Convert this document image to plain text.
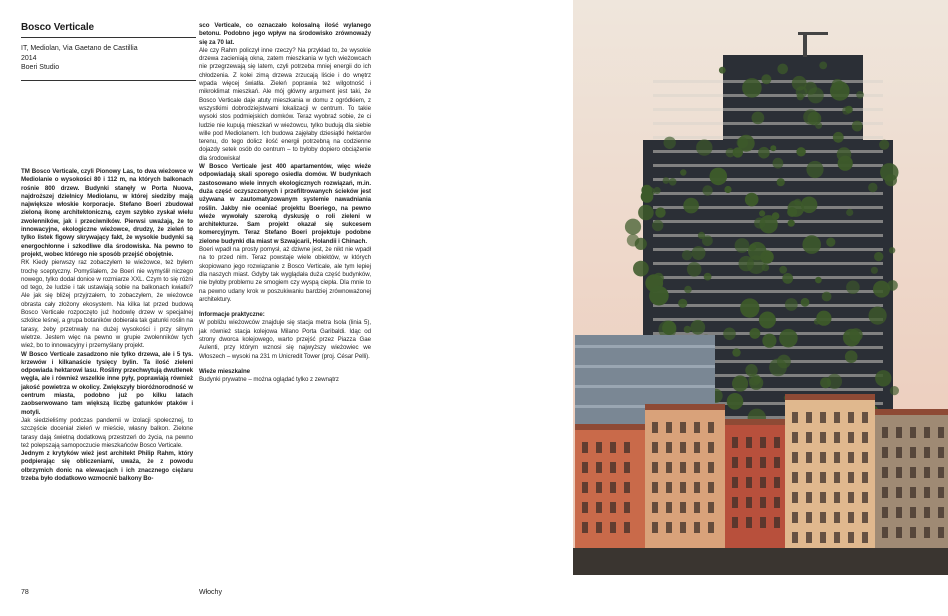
Bosco Verticale
IT, Mediolan, Via Gaetano de Castillia
2014
Boeri Studio

TM Bosco Verticale, czyli Pionowy Las, to dwa wieżowce w Mediolanie o wysokości 80 i 112 m, na których balkonach rośnie 800 drzew. Budynki stanęły w Porta Nuova, najdroższej dzielnicy Mediolanu, w której siedziby mają największe włoskie korporacje. Stefano Boeri zbudował zieloną ikonę architektoniczną, czym szybko zyskał wielu zwolenników, jak i przeciwników. Pierwsi uważają, że to innowacyjne, ekologiczne wieżowce, drudzy, że zieleń to tylko listek figowy skrywający fakt, że wysokie budynki są energochłonne i szkodliwe dla środowiska. Na pewno to projekt, wobec którego nie sposób przejść obojętnie.

RK Kiedy pierwszy raz zobaczyłem te wieżowce, też byłem trochę sceptyczny. Pomyślałem, że Boeri nie wymyślił niczego nowego, tylko dodał donice w rozmiarze XXL. Czym to się różni od tego, że ludzie i tak ustawiają sobie na balkonach kwiatki? Ale jak się bliżej przyjrzałem, to zobaczyłem, że wieżowce obrasta cały złożony ekosystem. Na kilka lat przed budową Bosco Verticale rozpoczęto już hodowlę drzew w specjalnej szkółce leśnej, a grupa botaników dobierała tak gatunki roślin na tarasy, żeby przetrwały na dużej wysokości i przy silnym wietrze. Jestem więc na pewno w grupie zwolenników tych wież, bo to innowacyjny i przemyślany projekt.

W Bosco Verticale zasadzono nie tylko drzewa, ale i 5 tys. krzewów i kilkanaście tysięcy bylin. Ta ilość zieleni odpowiada hektarowi lasu. Rośliny przechwytują dwutlenek węgla, ale i również wszelkie inne pyły, poprawiają również jakość powietrza w okolicy. Zwiększyły bioróżnorodność w centrum miasta, podobno już po kilku latach zaobserwowano tam większą liczbę gatunków ptaków i motyli.

Jak siedzieliśmy podczas pandemii w izolacji społecznej, to szczęście doceniał zieleń w mieście, własny balkon. Zielone tarasy dają świetną dodatkową przestrzeń do życia, na pewno też polepszają samopoczucie mieszkańców Bosco Verticale.

Jednym z krytyków wież jest architekt Philip Rahm, który podpierając się obliczeniami, uważa, że z powodu olbrzymich donic na elewacjach i ich znacznego ciężaru trzeba było dodatkowo wzmocnić balkony Bo-

sco Verticale, co oznaczało kolosalną ilość wylanego betonu. Podobno jego wpływ na środowisko zrównoważy się za 70 lat.

Ale czy Rahm policzył inne rzeczy? Na przykład to, że wysokie drzewa zacieniają okna, zatem mieszkania w tych wieżowcach nie przegrzewają się latem, czyli potrzeba mniej energii do ich chłodzenia. Z kolei zimą drzewa zrzucają liście i do wnętrz wpada więcej światła. Zieleń poprawia też wilgotność i mikroklimat mieszkań. Ale mój główny argument jest taki, że Bosco Verticale daje atuty mieszkania w domu z ogródkiem, z wszystkimi dobrodziejstwami lokalizacji w centrum. To takie wysoki stos podmiejskich domków. Teraz wyobraź sobie, że ci ludzie nie kupują mieszkań w wieżowcu, tylko budują dla siebie wille pod Mediolanem. Ich budowa zajęłaby dziesiątki hektarów terenu, do tego dolicz ilość energii potrzebną na codzienne dojazdy setek osób do centrum – to byłoby dopiero obciążenie dla środowiska!

W Bosco Verticale jest 400 apartamentów, więc wieże odpowiadają skali sporego osiedla domów. W budynkach zastosowano wiele innych ekologicznych rozwiązań, m.in. duża część oczyszczonych i przefiltrowanych ścieków jest używana w zautomatyzowanym systemie nawadniania roślin. Jakby nie oceniać projektu Boeriego, na pewno wieże wywołały szeroką dyskusję o roli zieleni w architekturze. Sam projekt okazał się sukcesem komercyjnym. Teraz Stefano Boeri projektuje podobne zielone budynki dla miast w Szwajcarii, Holandii i Chinach.

Boeri wpadł na prosty pomysł, aż dziwne jest, że nikt nie wpadł na to przed nim. Teraz powstaje wiele obiektów, w których skopiowano jego rozwiązanie z Bosco Verticale, ale tym lepiej dla naszych miast. Gdyby tak wyglądała duża część budynków, nie byłoby problemu ze smogiem czy wyspą ciepła. Dla mnie to na pewno udany krok w poszukiwaniu bardziej zrównoważonej architektury.

Informacje praktyczne:

W pobliżu wieżowców znajduje się stacja metra Isola (linia 5), jak również stacja kolejowa Milano Porta Garibaldi. Idąc od strony dworca kolejowego, warto przejść przez Piazza Gae Aulenti, przy którym wznosi się najwyższy wieżowiec we Włoszech – wysoki na 231 m Unicredit Tower (proj. César Pelli).

Wieże mieszkalne

Budynki prywatne – można oglądać tylko z zewnątrz

78	Włochy
